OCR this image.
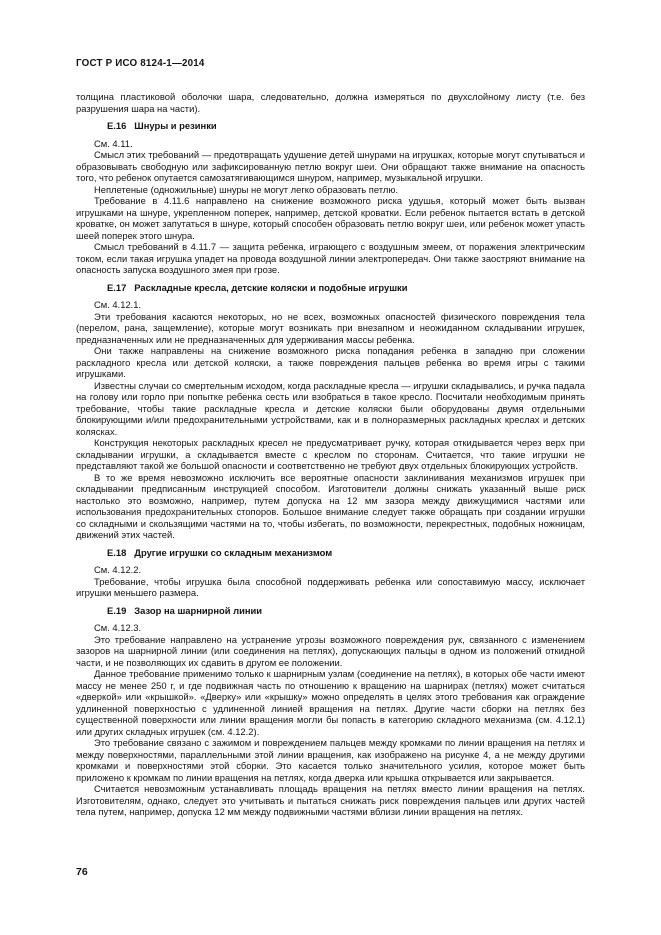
ГОСТ Р ИСО 8124-1—2014

толщина пластиковой оболочки шара, следовательно, должна измеряться по двухслойному листу (т.е. без разрушения шара на части).

Е.16 Шнуры и резинки

См. 4.11.

Смысл этих требований — предотвращать удушение детей шнурами на игрушках, которые могут спутываться и образовывать свободную или зафиксированную петлю вокруг шеи. Они обращают также внимание на опасность того, что ребенок опутается самозатягивающимся шнуром, например, музыкальной игрушки.

Неплетеные (одножильные) шнуры не могут легко образовать петлю.

Требование в 4.11.6 направлено на снижение возможного риска удушья, который может быть вызван игрушками на шнуре, укрепленном поперек, например, детской кроватки. Если ребенок пытается встать в детской кроватке, он может запутаться в шнуре, который способен образовать петлю вокруг шеи, или ребенок может упасть шеей поперек этого шнура.

Смысл требований в 4.11.7 — защита ребенка, играющего с воздушным змеем, от поражения электрическим током, если такая игрушка упадет на провода воздушной линии электропередач. Они также заостряют внимание на опасность запуска воздушного змея при грозе.

Е.17 Раскладные кресла, детские коляски и подобные игрушки

См. 4.12.1.

Эти требования касаются некоторых, но не всех, возможных опасностей физического повреждения тела (перелом, рана, защемление), которые могут возникать при внезапном и неожиданном складывании игрушек, предназначенных или не предназначенных для удерживания массы ребенка.

Они также направлены на снижение возможного риска попадания ребенка в западню при сложении раскладного кресла или детской коляски, а также повреждения пальцев ребенка во время игры с такими игрушками.

Известны случаи со смертельным исходом, когда раскладные кресла — игрушки складывались, и ручка падала на голову или горло при попытке ребенка сесть или взобраться в такое кресло. Посчитали необходимым принять требование, чтобы такие раскладные кресла и детские коляски были оборудованы двумя отдельными блокирующими и/или предохранительными устройствами, как и в полноразмерных раскладных креслах и детских колясках.

Конструкция некоторых раскладных кресел не предусматривает ручку, которая откидывается через верх при складывании игрушки, а складывается вместе с креслом по сторонам. Считается, что такие игрушки не представляют такой же большой опасности и соответственно не требуют двух отдельных блокирующих устройств.

В то же время невозможно исключить все вероятные опасности заклинивания механизмов игрушек при складывании предписанным инструкцией способом. Изготовители должны снижать указанный выше риск настолько это возможно, например, путем допуска на 12 мм зазора между движущимися частями или использования предохранительных стопоров. Большое внимание следует также обращать при создании игрушки со складными и скользящими частями на то, чтобы избегать, по возможности, перекрестных, подобных ножницам, движений этих частей.

Е.18 Другие игрушки со складным механизмом

См. 4.12.2.

Требование, чтобы игрушка была способной поддерживать ребенка или сопоставимую массу, исключает игрушки меньшего размера.

Е.19 Зазор на шарнирной линии

См. 4.12.3.

Это требование направлено на устранение угрозы возможного повреждения рук, связанного с изменением зазоров на шарнирной линии (или соединения на петлях), допускающих пальцы в одном из положений откидной части, и не позволяющих их сдавить в другом ее положении.

Данное требование применимо только к шарнирным узлам (соединение на петлях), в которых обе части имеют массу не менее 250 г, и где подвижная часть по отношению к вращению на шарнирах (петлях) может считаться «дверкой» или «крышкой». «Дверку» или «крышку» можно определять в целях этого требования как ограждение удлиненной поверхностью с удлиненной линией вращения на петлях. Другие части сборки на петлях без существенной поверхности или линии вращения могли бы попасть в категорию складного механизма (см. 4.12.1) или других складных игрушек (см. 4.12.2).

Это требование связано с зажимом и повреждением пальцев между кромками по линии вращения на петлях и между поверхностями, параллельными этой линии вращения, как изображено на рисунке 4, а не между другими кромками и поверхностями этой сборки. Это касается только значительного усилия, которое может быть приложено к кромкам по линии вращения на петлях, когда дверка или крышка открывается или закрывается.

Считается невозможным устанавливать площадь вращения на петлях вместо линии вращения на петлях. Изготовителям, однако, следует это учитывать и пытаться снижать риск повреждения пальцев или других частей тела путем, например, допуска 12 мм между подвижными частями вблизи линии вращения на петлях.

76
